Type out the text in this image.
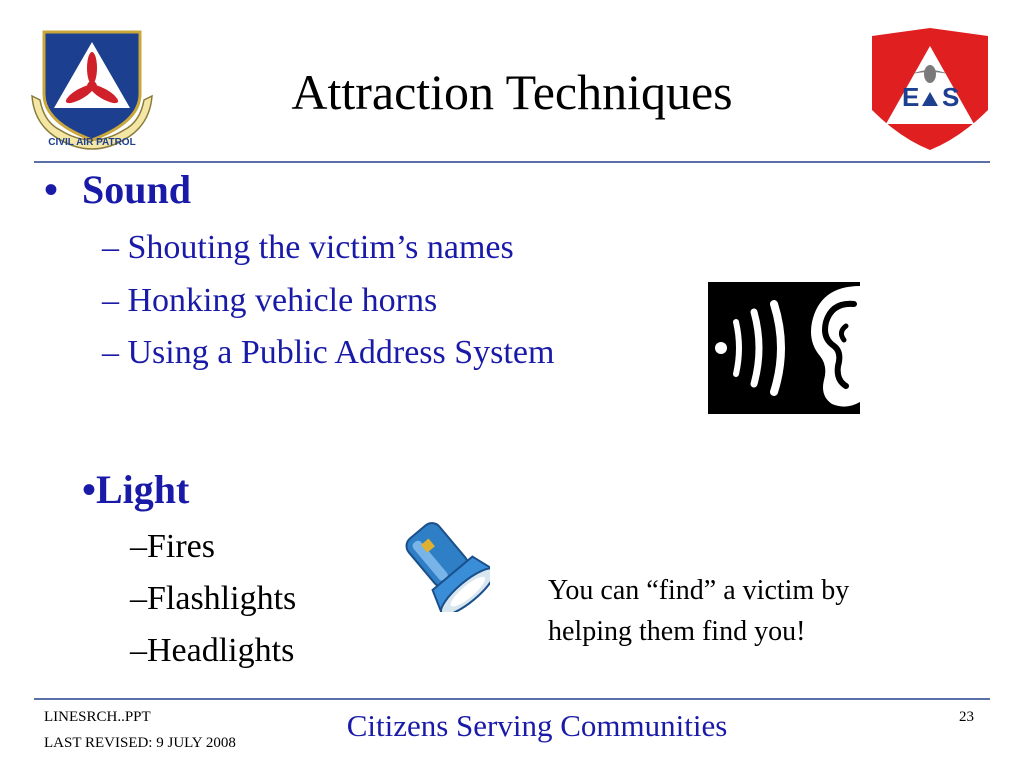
CIVIL AIR PATROL
Attraction Techniques	E S
• Sound
– Shouting the victim’s names
– Honking vehicle horns
– Using a Public Address System
•Light
–Fires
–Flashlights
–Headlights
You can “find” a victim by
helping them find you!
LINESRCH..PPT
LAST REVISED: 9 JULY 2008	Citizens Serving Communities	23
